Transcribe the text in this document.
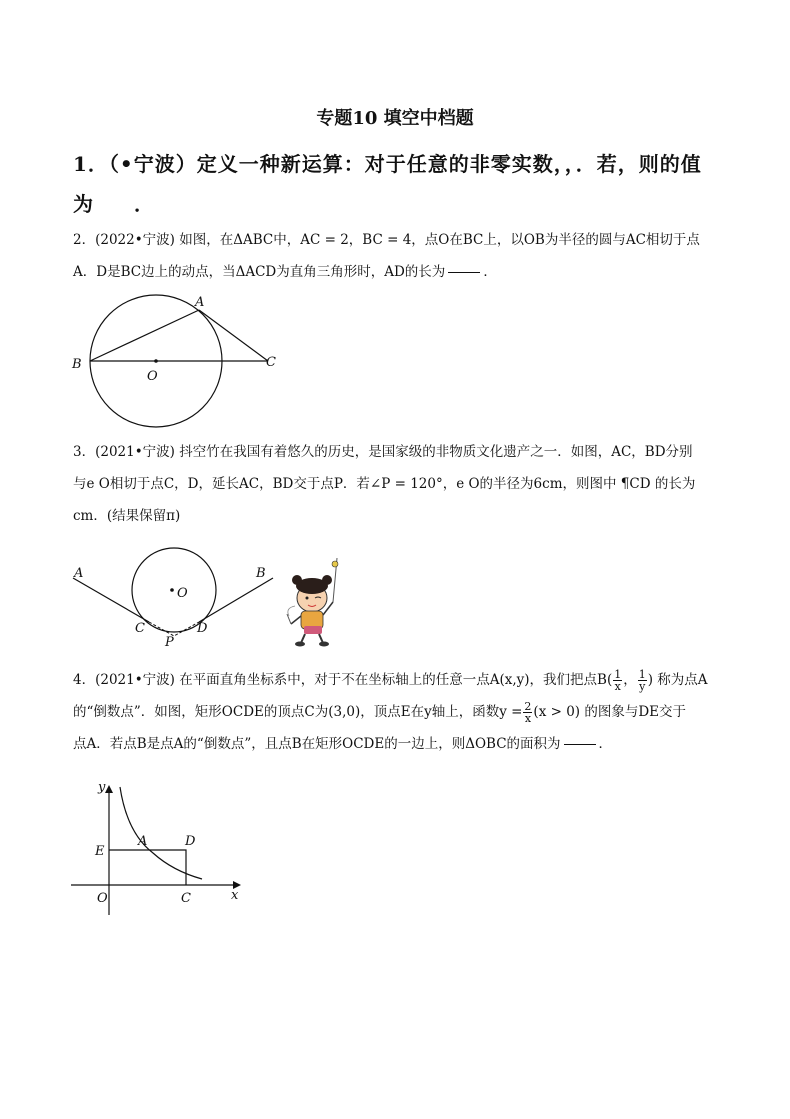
专题10 填空中档题
1．（•宁波）定义一种新运算：对于任意的非零实数，，．若，则的值
为 ．
2．(2022•宁波) 如图，在ΔABC中，AC = 2，BC = 4，点O在BC上，以OB为半径的圆与AC相切于点
A．D是BC边上的动点，当ΔACD为直角三角形时，AD的长为	．
A
B	C
O
3．(2021•宁波) 抖空竹在我国有着悠久的历史，是国家级的非物质文化遗产之一．如图，AC，BD分别
与e O相切于点C，D，延长AC，BD交于点P．若∠P = 120°，e O的半径为6cm，则图中 ¶CD 的长为
cm．(结果保留π)
A	B
O
C	D
P
4．(2021•宁波) 在平面直角坐标系中，对于不在坐标轴上的任意一点A(x,y)，我们把点$B( \frac{1}{x}$ ， $\frac{1}{y}$ ) 称为点A
的“倒数点”．如图，矩形OCDE的顶点C为(3,0)，顶点E在y轴上，函数$y = \frac{2}{x} (x > 0)$ 的图象与DE交于
点A．若点B是点A的“倒数点”，且点B在矩形OCDE的一边上，则ΔOBC的面积为	．
y
x
E
A	D
O	C
